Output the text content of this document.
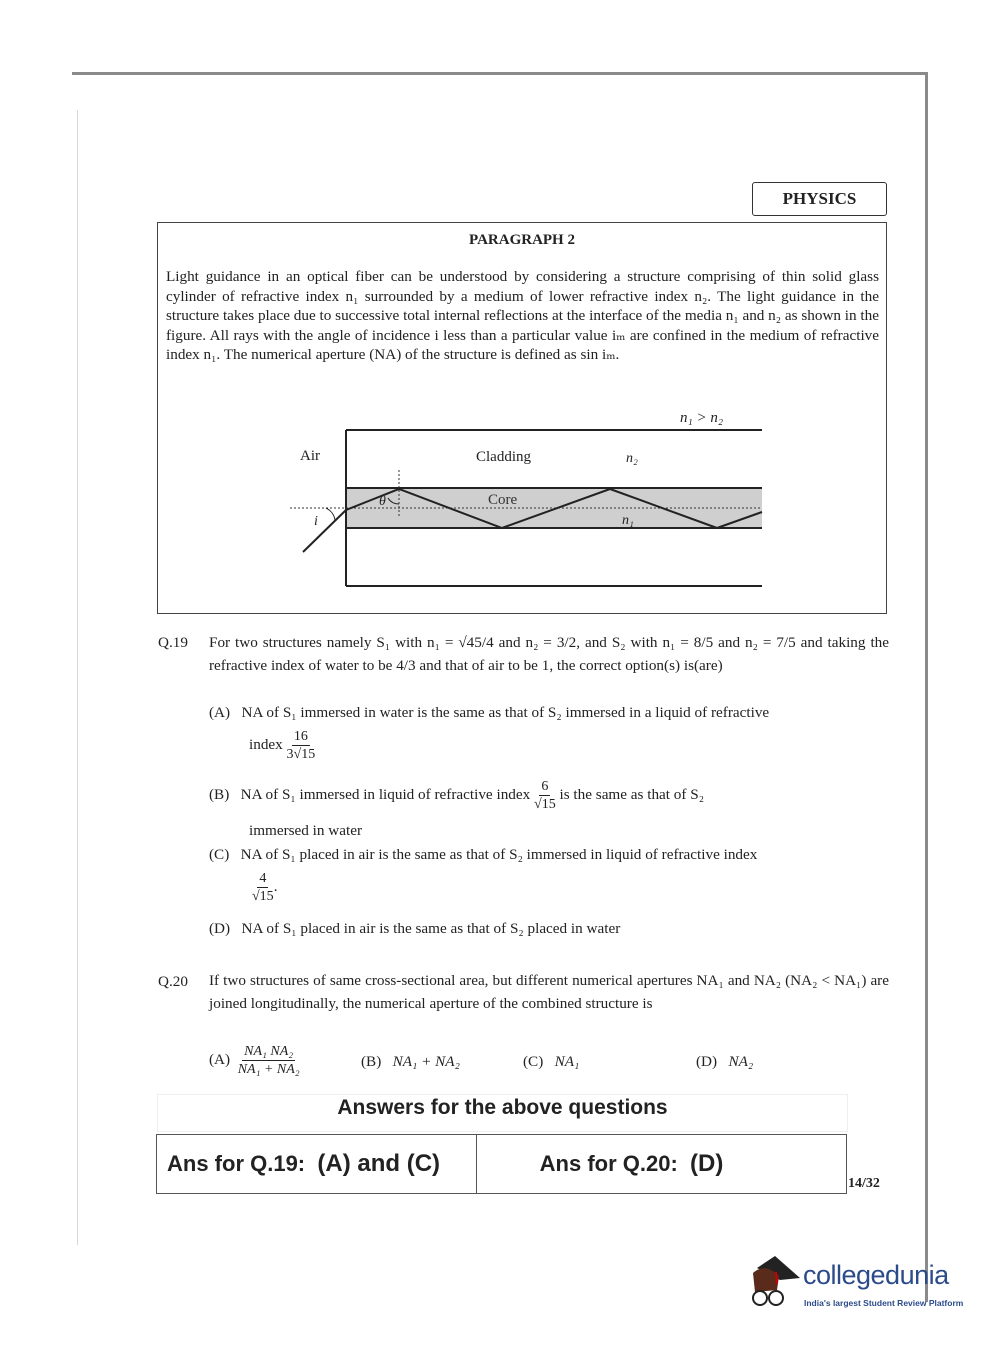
PHYSICS
PARAGRAPH 2
Light guidance in an optical fiber can be understood by considering a structure comprising of thin solid glass cylinder of refractive index n₁ surrounded by a medium of lower refractive index n₂. The light guidance in the structure takes place due to successive total internal reflections at the interface of the media n₁ and n₂ as shown in the figure. All rays with the angle of incidence i less than a particular value iₘ are confined in the medium of refractive index n₁. The numerical aperture (NA) of the structure is defined as sin iₘ.
Air	Cladding	n₂
Core
n₁
n₁ > n₂
θ
i
Q.19 For two structures namely S₁ with n₁ = √45/4 and n₂ = 3/2, and S₂ with n₁ = 8/5 and n₂ = 7/5 and taking the refractive index of water to be 4/3 and that of air to be 1, the correct option(s) is(are)
(A) NA of S₁ immersed in water is the same as that of S₂ immersed in a liquid of refractive
index $\frac{16}{3√15}$
(B) NA of S₁ immersed in liquid of refractive index $\frac{6}{√15}$ is the same as that of S₂
immersed in water
(C) NA of S₁ placed in air is the same as that of S₂ immersed in liquid of refractive index
$\frac{4}{√15}$ .
(D) NA of S₁ placed in air is the same as that of S₂ placed in water
Q.20 If two structures of same cross-sectional area, but different numerical apertures NA₁ and NA₂ (NA₂ < NA₁) are joined longitudinally, the numerical aperture of the combined structure is
$(A) \frac{\text{NA₁ NA₂}}{\text{NA₁ + NA₂}}$	(B) NA₁ + NA₂	(C) NA₁	(D) NA₂
Answers for the above questions
Ans for Q.19:
(A) and (C)	Ans for Q.20:
(D)
14/32
collegedunia
India's largest Student Review Platform
